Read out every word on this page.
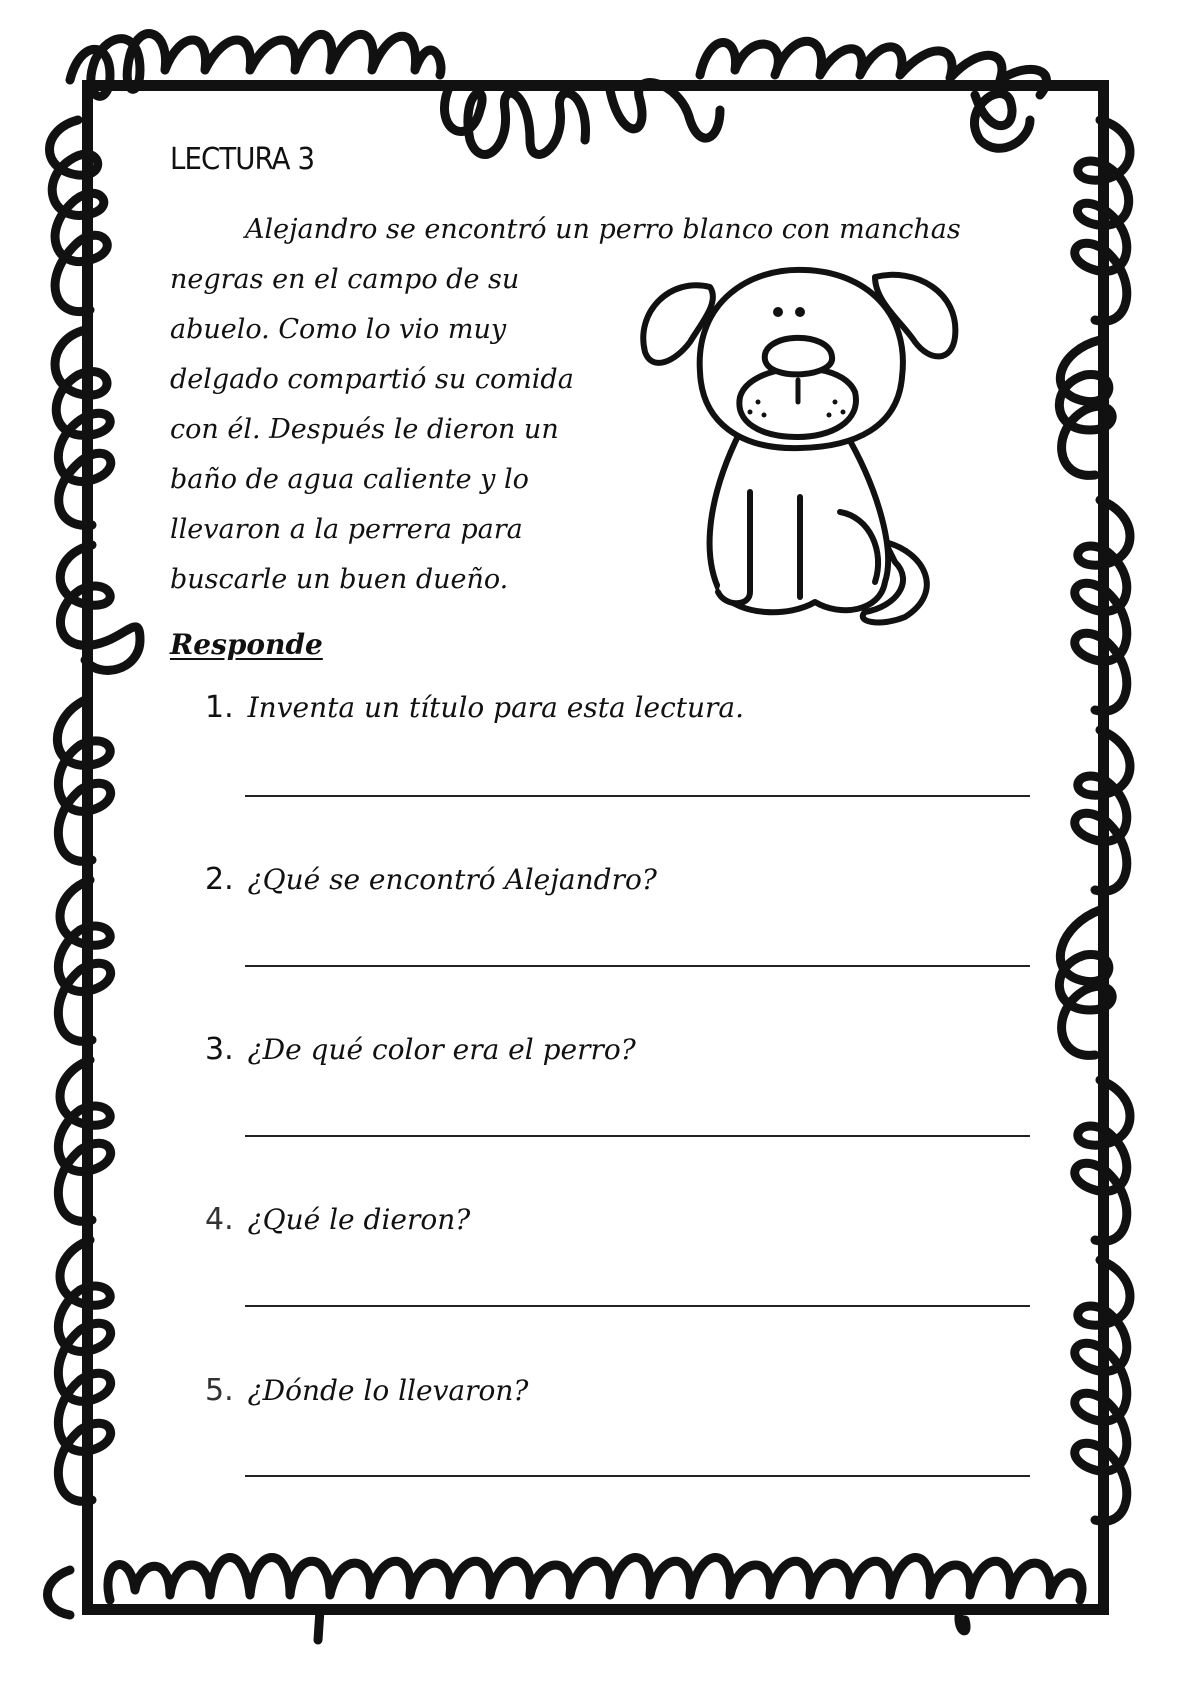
LECTURA 3
Alejandro se encontró un perro blanco con manchas
negras en el campo de su
abuelo. Como lo vio muy
delgado compartió su comida
con él. Después le dieron un
baño de agua caliente y lo
llevaron a la perrera para
buscarle un buen dueño.
Responde
1. Inventa un título para esta lectura.
2. ¿Qué se encontró Alejandro?
3. ¿De qué color era el perro?
4. ¿Qué le dieron?
5. ¿Dónde lo llevaron?
